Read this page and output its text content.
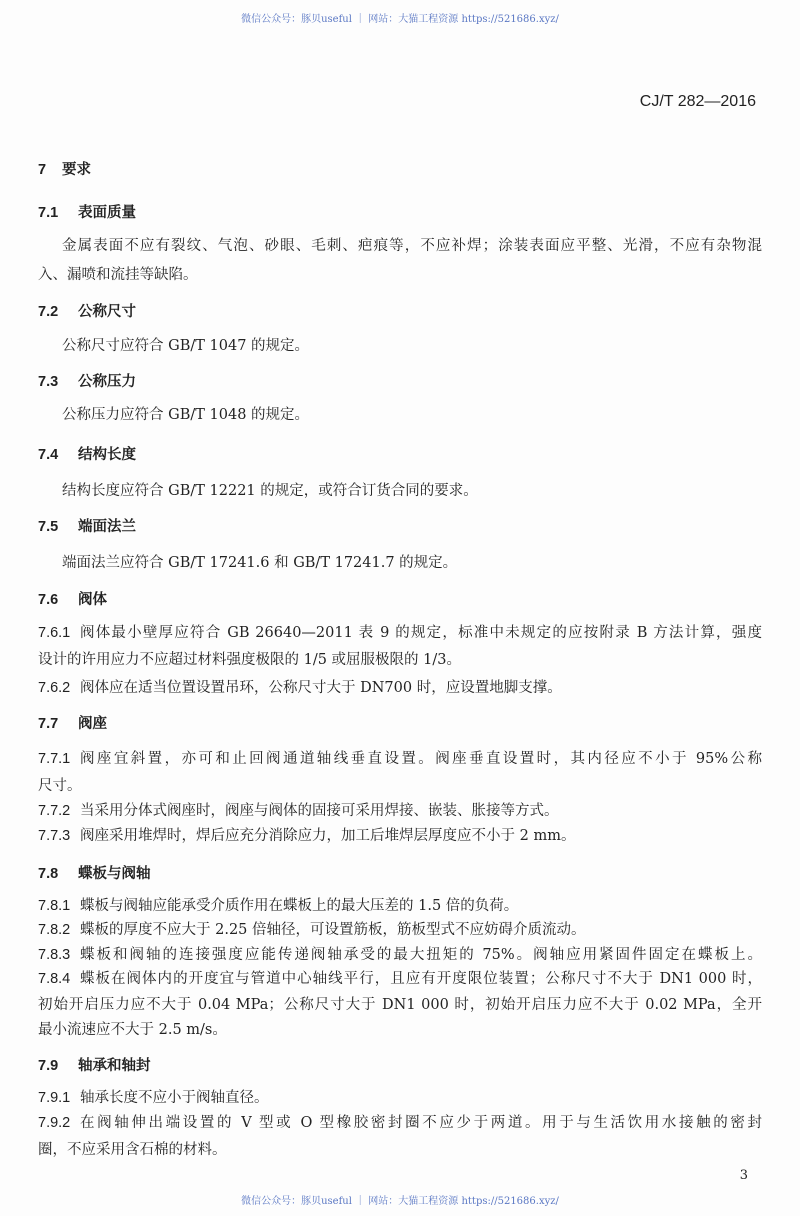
微信公众号：豚贝useful ｜ 网站：大猫工程资源 https://521686.xyz/
CJ/T 282—2016
7 要求
7.1 表面质量
金属表面不应有裂纹、气泡、砂眼、毛刺、疤痕等，不应补焊；涂装表面应平整、光滑，不应有杂物混
入、漏喷和流挂等缺陷。
7.2 公称尺寸
公称尺寸应符合 GB/T 1047 的规定。
7.3 公称压力
公称压力应符合 GB/T 1048 的规定。
7.4 结构长度
结构长度应符合 GB/T 12221 的规定，或符合订货合同的要求。
7.5 端面法兰
端面法兰应符合 GB/T 17241.6 和 GB/T 17241.7 的规定。
7.6 阀体
7.6.1 阀体最小壁厚应符合 GB 26640—2011 表 9 的规定，标准中未规定的应按附录 B 方法计算，强度
设计的许用应力不应超过材料强度极限的 1/5 或屈服极限的 1/3。
7.6.2 阀体应在适当位置设置吊环，公称尺寸大于 DN700 时，应设置地脚支撑。
7.7 阀座
7.7.1 阀座宜斜置，亦可和止回阀通道轴线垂直设置。阀座垂直设置时，其内径应不小于 95%公称
尺寸。
7.7.2 当采用分体式阀座时，阀座与阀体的固接可采用焊接、嵌装、胀接等方式。
7.7.3 阀座采用堆焊时，焊后应充分消除应力，加工后堆焊层厚度应不小于 2 mm。
7.8 蝶板与阀轴
7.8.1 蝶板与阀轴应能承受介质作用在蝶板上的最大压差的 1.5 倍的负荷。
7.8.2 蝶板的厚度不应大于 2.25 倍轴径，可设置筋板，筋板型式不应妨碍介质流动。
7.8.3 蝶板和阀轴的连接强度应能传递阀轴承受的最大扭矩的 75%。阀轴应用紧固件固定在蝶板上。
7.8.4 蝶板在阀体内的开度宜与管道中心轴线平行，且应有开度限位装置；公称尺寸不大于 DN1 000 时，
初始开启压力应不大于 0.04 MPa；公称尺寸大于 DN1 000 时，初始开启压力应不大于 0.02 MPa，全开
最小流速应不大于 2.5 m/s。
7.9 轴承和轴封
7.9.1 轴承长度不应小于阀轴直径。
7.9.2 在阀轴伸出端设置的 V 型或 O 型橡胶密封圈不应少于两道。用于与生活饮用水接触的密封
圈，不应采用含石棉的材料。
3
微信公众号：豚贝useful ｜ 网站：大猫工程资源 https://521686.xyz/
